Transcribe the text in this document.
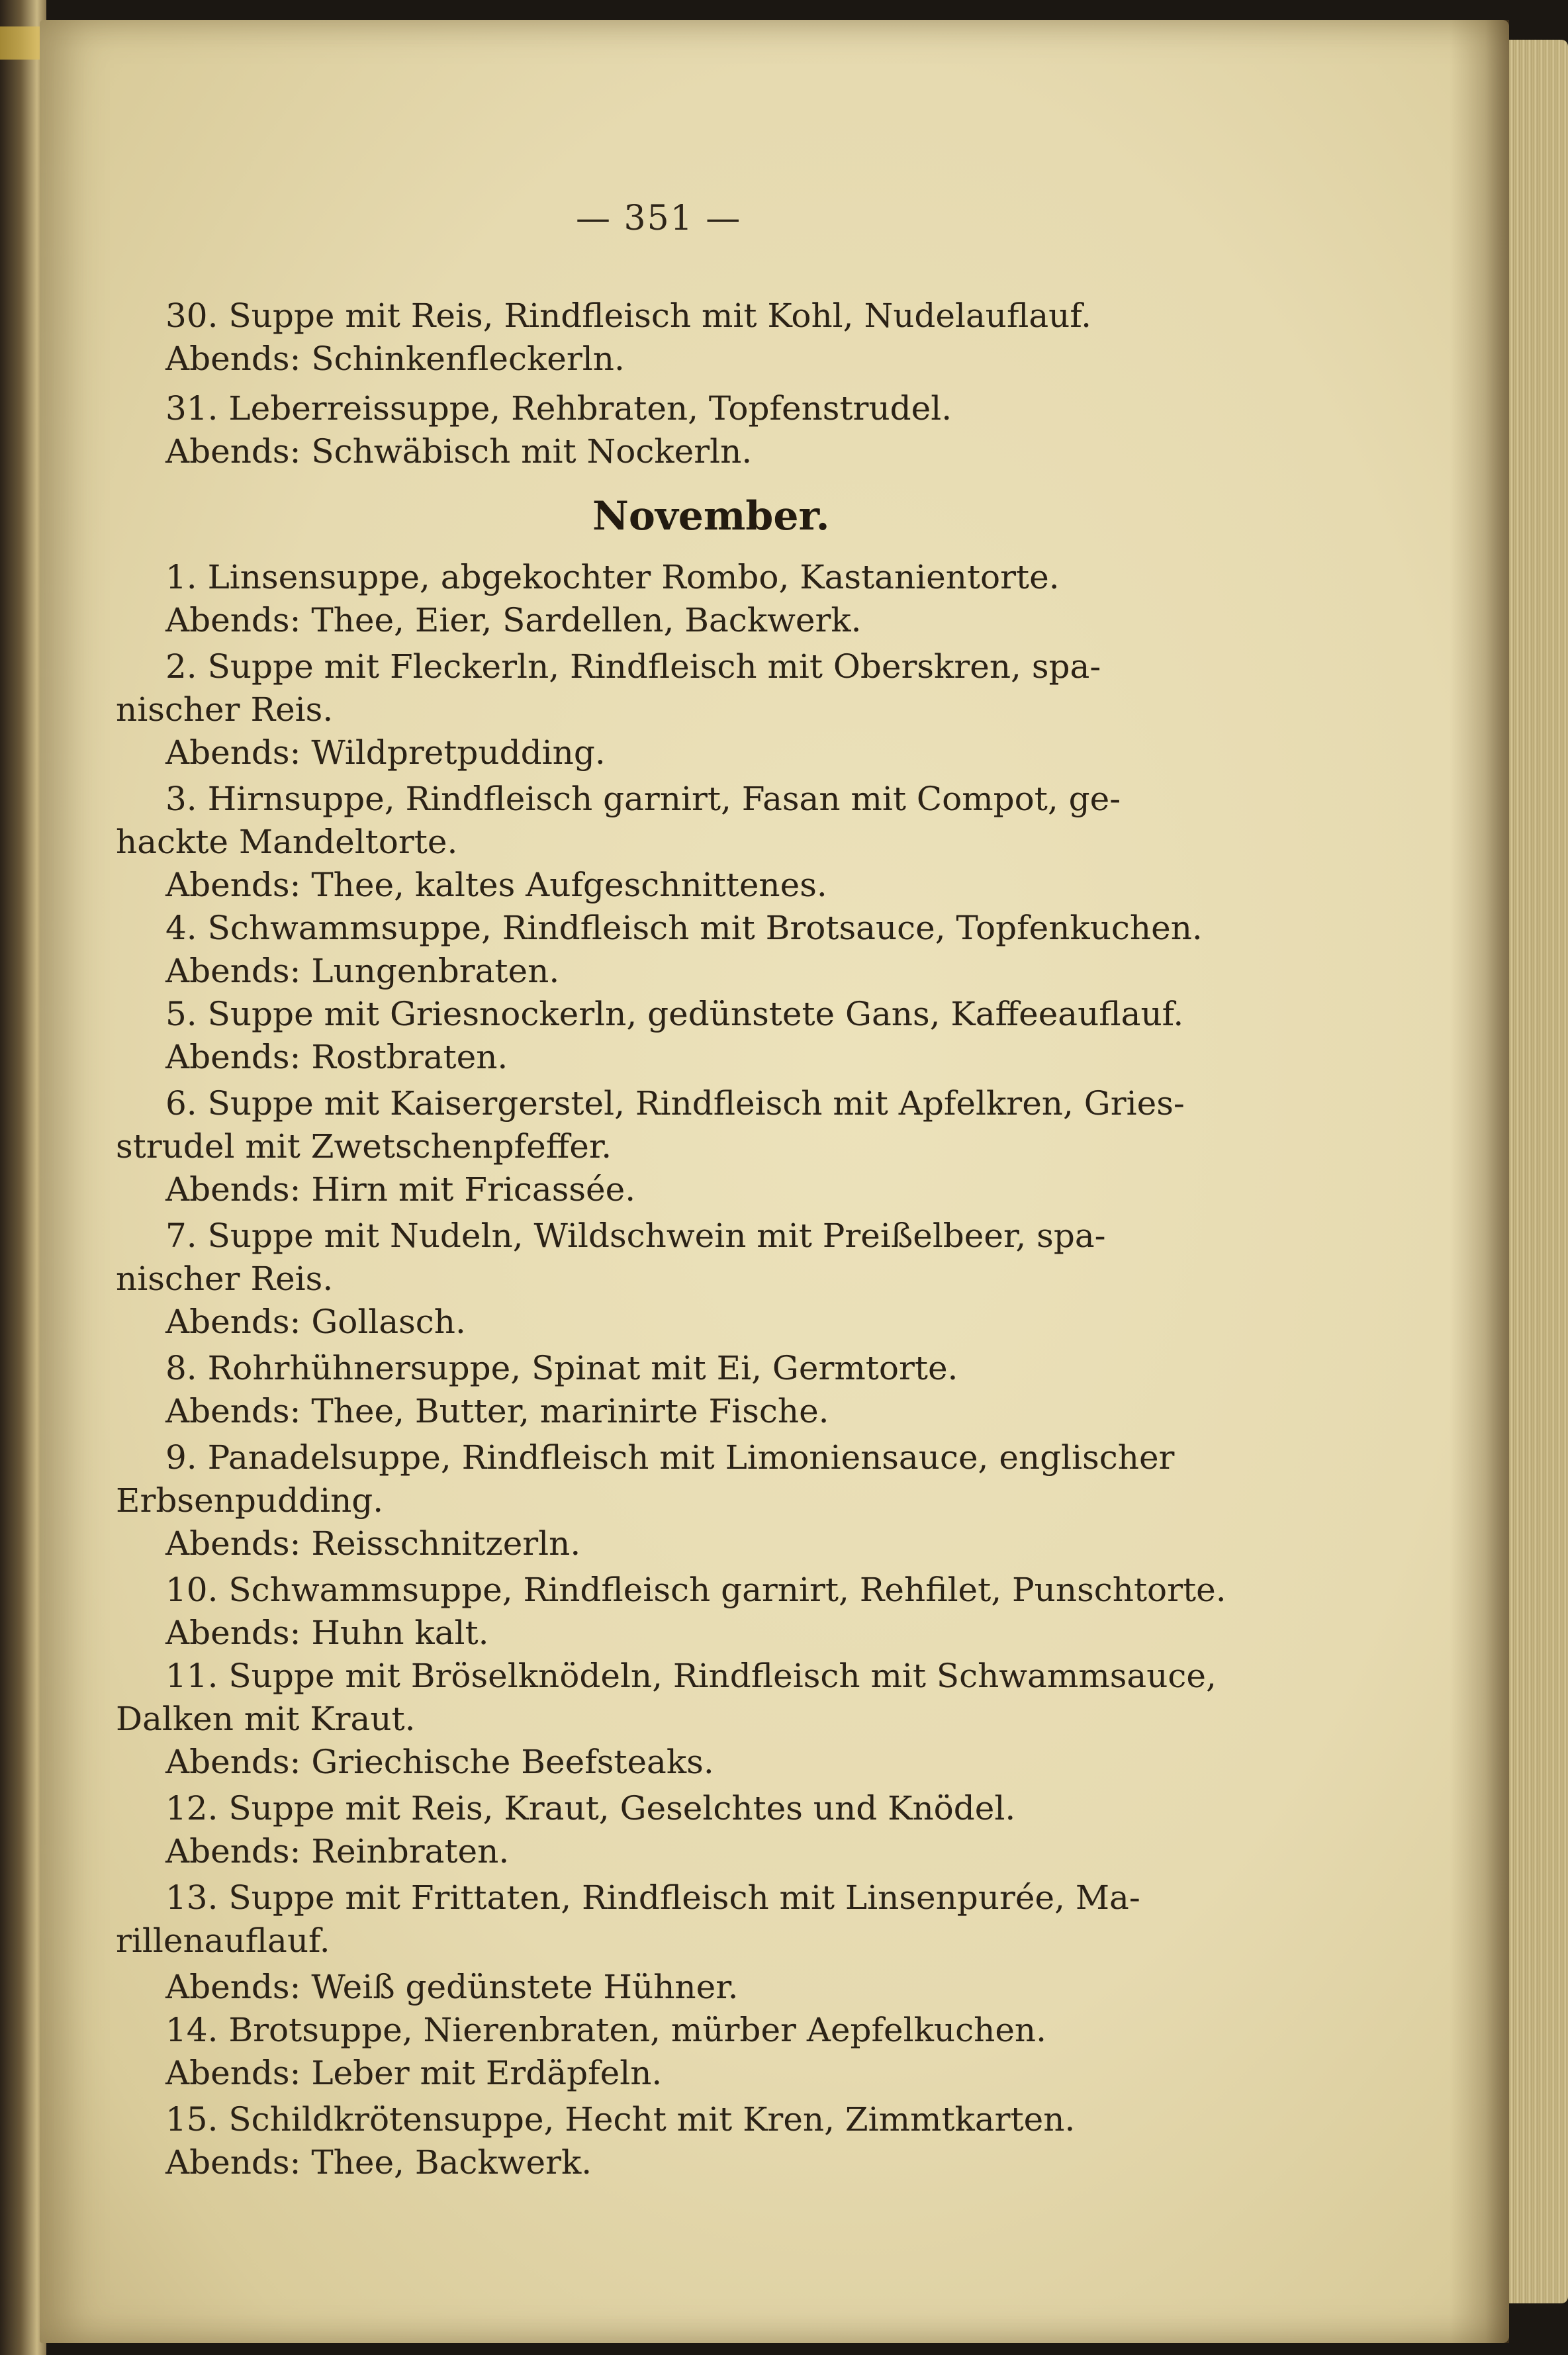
— 351 —
30. Suppe mit Reis, Rindfleisch mit Kohl, Nudelauflauf.
Abends: Schinkenfleckerln.
31. Leberreissuppe, Rehbraten, Topfenstrudel.
Abends: Schwäbisch mit Nockerln.
November.
1. Linsensuppe, abgekochter Rombo, Kastanientorte.
Abends: Thee, Eier, Sardellen, Backwerk.
2. Suppe mit Fleckerln, Rindfleisch mit Oberskren, spa-
nischer Reis.
Abends: Wildpretpudding.
3. Hirnsuppe, Rindfleisch garnirt, Fasan mit Compot, ge-
hackte Mandeltorte.
Abends: Thee, kaltes Aufgeschnittenes.
4. Schwammsuppe, Rindfleisch mit Brotsauce, Topfenkuchen.
Abends: Lungenbraten.
5. Suppe mit Griesnockerln, gedünstete Gans, Kaffeeauflauf.
Abends: Rostbraten.
6. Suppe mit Kaisergerstel, Rindfleisch mit Apfelkren, Gries-
strudel mit Zwetschenpfeffer.
Abends: Hirn mit Fricassée.
7. Suppe mit Nudeln, Wildschwein mit Preißelbeer, spa-
nischer Reis.
Abends: Gollasch.
8. Rohrhühnersuppe, Spinat mit Ei, Germtorte.
Abends: Thee, Butter, marinirte Fische.
9. Panadelsuppe, Rindfleisch mit Limoniensauce, englischer
Erbsenpudding.
Abends: Reisschnitzerln.
10. Schwammsuppe, Rindfleisch garnirt, Rehfilet, Punschtorte.
Abends: Huhn kalt.
11. Suppe mit Bröselknödeln, Rindfleisch mit Schwammsauce,
Dalken mit Kraut.
Abends: Griechische Beefsteaks.
12. Suppe mit Reis, Kraut, Geselchtes und Knödel.
Abends: Reinbraten.
13. Suppe mit Frittaten, Rindfleisch mit Linsenpurée, Ma-
rillenauflauf.
Abends: Weiß gedünstete Hühner.
14. Brotsuppe, Nierenbraten, mürber Aepfelkuchen.
Abends: Leber mit Erdäpfeln.
15. Schildkrötensuppe, Hecht mit Kren, Zimmtkarten.
Abends: Thee, Backwerk.
